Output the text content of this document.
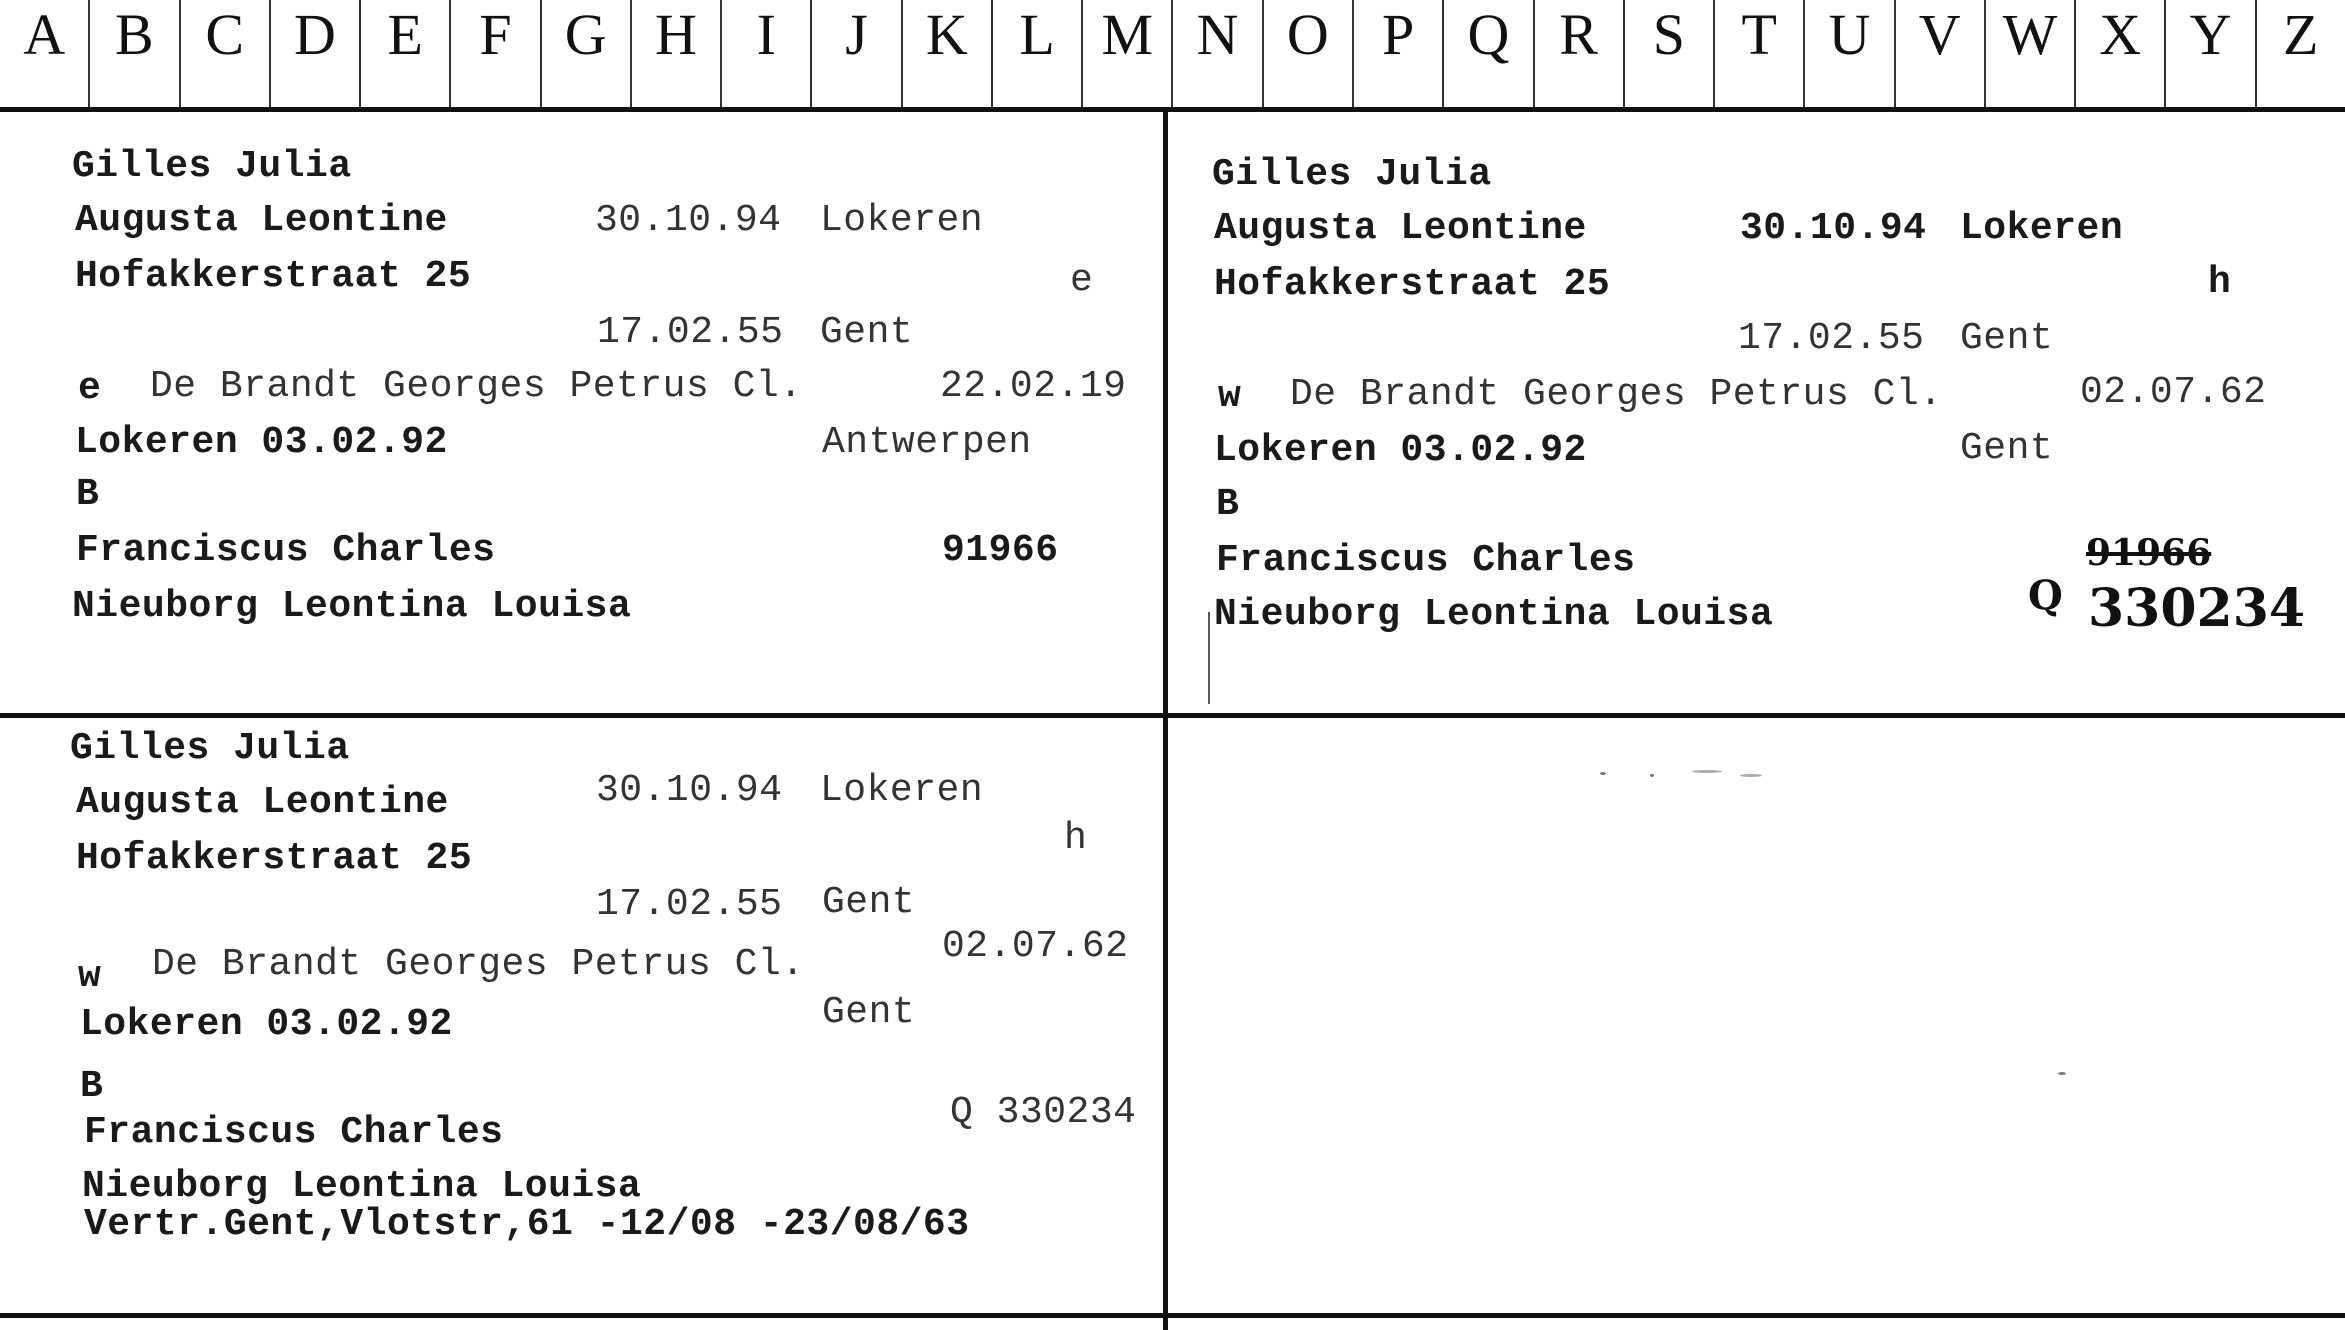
A B C D E F G H	I	J	K L M N O P Q R S T U V W X Y Z
Gilles Julia
Augusta Leontine	30.10.94 Lokeren
Hofakkerstraat 25	e
17.02.55 Gent
e De Brandt Georges Petrus Cl.	22.02.19
Lokeren 03.02.92	Antwerpen
B
Franciscus Charles	91966
Nieuborg Leontina Louisa
Gilles Julia
Augusta Leontine	30.10.94 Lokeren
Hofakkerstraat 25	h
17.02.55 Gent
w De Brandt Georges Petrus Cl.	02.07.62
Lokeren 03.02.92	Gent
B
Franciscus Charles	91966
Q 330234
Nieuborg Leontina Louisa
Gilles Julia
Augusta Leontine	30.10.94 Lokeren
Hofakkerstraat 25	h
17.02.55 Gent
w De Brandt Georges Petrus Cl.	02.07.62
Lokeren 03.02.92	Gent
B
Franciscus Charles	Q 330234
Nieuborg Leontina Louisa
Vertr.Gent,Vlotstr,61 -12/08 -23/08/63
